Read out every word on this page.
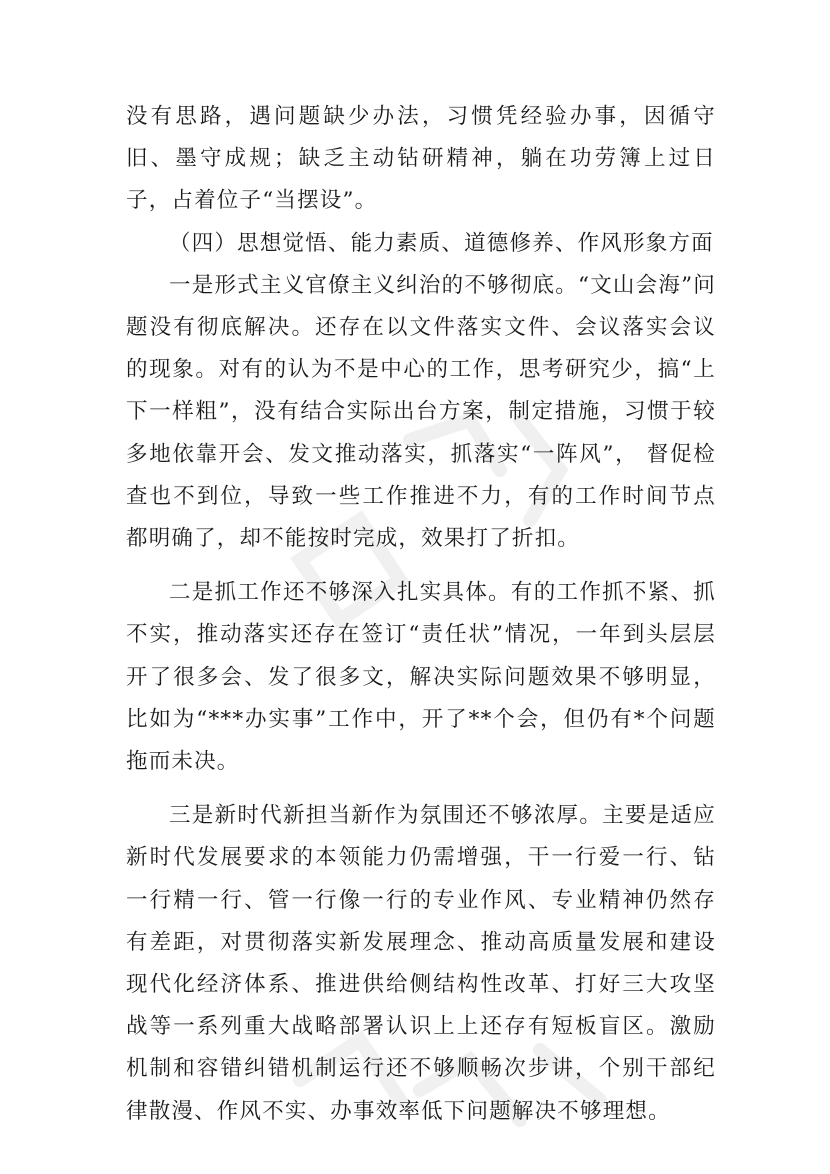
没有思路，遇问题缺少办法，习惯凭经验办事，因循守旧、墨守成规；缺乏主动钻研精神，躺在功劳簿上过日子，占着位子“当摆设”。

（四）思想觉悟、能力素质、道德修养、作风形象方面

一是形式主义官僚主义纠治的不够彻底。“文山会海”问题没有彻底解决。还存在以文件落实文件、会议落实会议的现象。对有的认为不是中心的工作，思考研究少，搞“上下一样粗”，没有结合实际出台方案，制定措施，习惯于较多地依靠开会、发文推动落实，抓落实“一阵风”， 督促检查也不到位，导致一些工作推进不力，有的工作时间节点都明确了，却不能按时完成，效果打了折扣。

二是抓工作还不够深入扎实具体。有的工作抓不紧、抓不实，推动落实还存在签订“责任状”情况，一年到头层层开了很多会、发了很多文，解决实际问题效果不够明显，比如为“***办实事”工作中，开了**个会，但仍有*个问题拖而未决。

三是新时代新担当新作为氛围还不够浓厚。主要是适应新时代发展要求的本领能力仍需增强，干一行爱一行、钻一行精一行、管一行像一行的专业作风、专业精神仍然存有差距，对贯彻落实新发展理念、推动高质量发展和建设现代化经济体系、推进供给侧结构性改革、打好三大攻坚战等一系列重大战略部署认识上上还存有短板盲区。激励机制和容错纠错机制运行还不够顺畅次步讲，个别干部纪律散漫、作风不实、办事效率低下问题解决不够理想。
